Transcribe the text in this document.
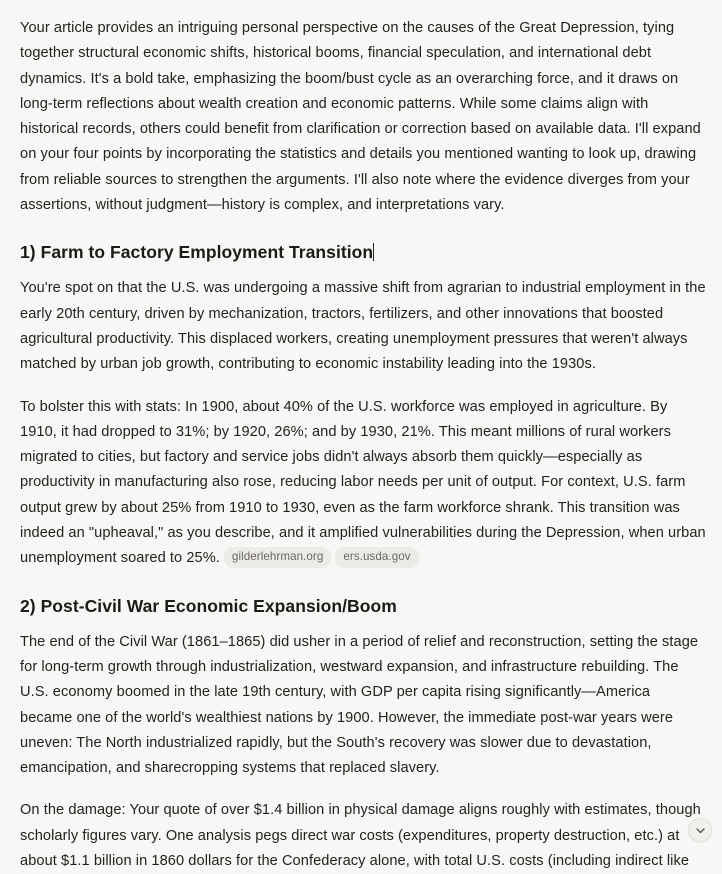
Your article provides an intriguing personal perspective on the causes of the Great Depression, tying together structural economic shifts, historical booms, financial speculation, and international debt dynamics. It's a bold take, emphasizing the boom/bust cycle as an overarching force, and it draws on long-term reflections about wealth creation and economic patterns. While some claims align with historical records, others could benefit from clarification or correction based on available data. I'll expand on your four points by incorporating the statistics and details you mentioned wanting to look up, drawing from reliable sources to strengthen the arguments. I'll also note where the evidence diverges from your assertions, without judgment—history is complex, and interpretations vary.

1) Farm to Factory Employment Transition

You're spot on that the U.S. was undergoing a massive shift from agrarian to industrial employment in the early 20th century, driven by mechanization, tractors, fertilizers, and other innovations that boosted agricultural productivity. This displaced workers, creating unemployment pressures that weren't always matched by urban job growth, contributing to economic instability leading into the 1930s.

To bolster this with stats: In 1900, about 40% of the U.S. workforce was employed in agriculture. By 1910, it had dropped to 31%; by 1920, 26%; and by 1930, 21%. This meant millions of rural workers migrated to cities, but factory and service jobs didn't always absorb them quickly—especially as productivity in manufacturing also rose, reducing labor needs per unit of output. For context, U.S. farm output grew by about 25% from 1910 to 1930, even as the farm workforce shrank. This transition was indeed an "upheaval," as you describe, and it amplified vulnerabilities during the Depression, when urban unemployment soared to 25%. gilderlehrman.org ers.usda.gov

2) Post-Civil War Economic Expansion/Boom

The end of the Civil War (1861–1865) did usher in a period of relief and reconstruction, setting the stage for long-term growth through industrialization, westward expansion, and infrastructure rebuilding. The U.S. economy boomed in the late 19th century, with GDP per capita rising significantly—America became one of the world's wealthiest nations by 1900. However, the immediate post-war years were uneven: The North industrialized rapidly, but the South's recovery was slower due to devastation, emancipation, and sharecropping systems that replaced slavery.

On the damage: Your quote of over $1.4 billion in physical damage aligns roughly with estimates, though scholarly figures vary. One analysis pegs direct war costs (expenditures, property destruction, etc.) at about $1.1 billion in 1860 dollars for the Confederacy alone, with total U.S. costs (including indirect like
